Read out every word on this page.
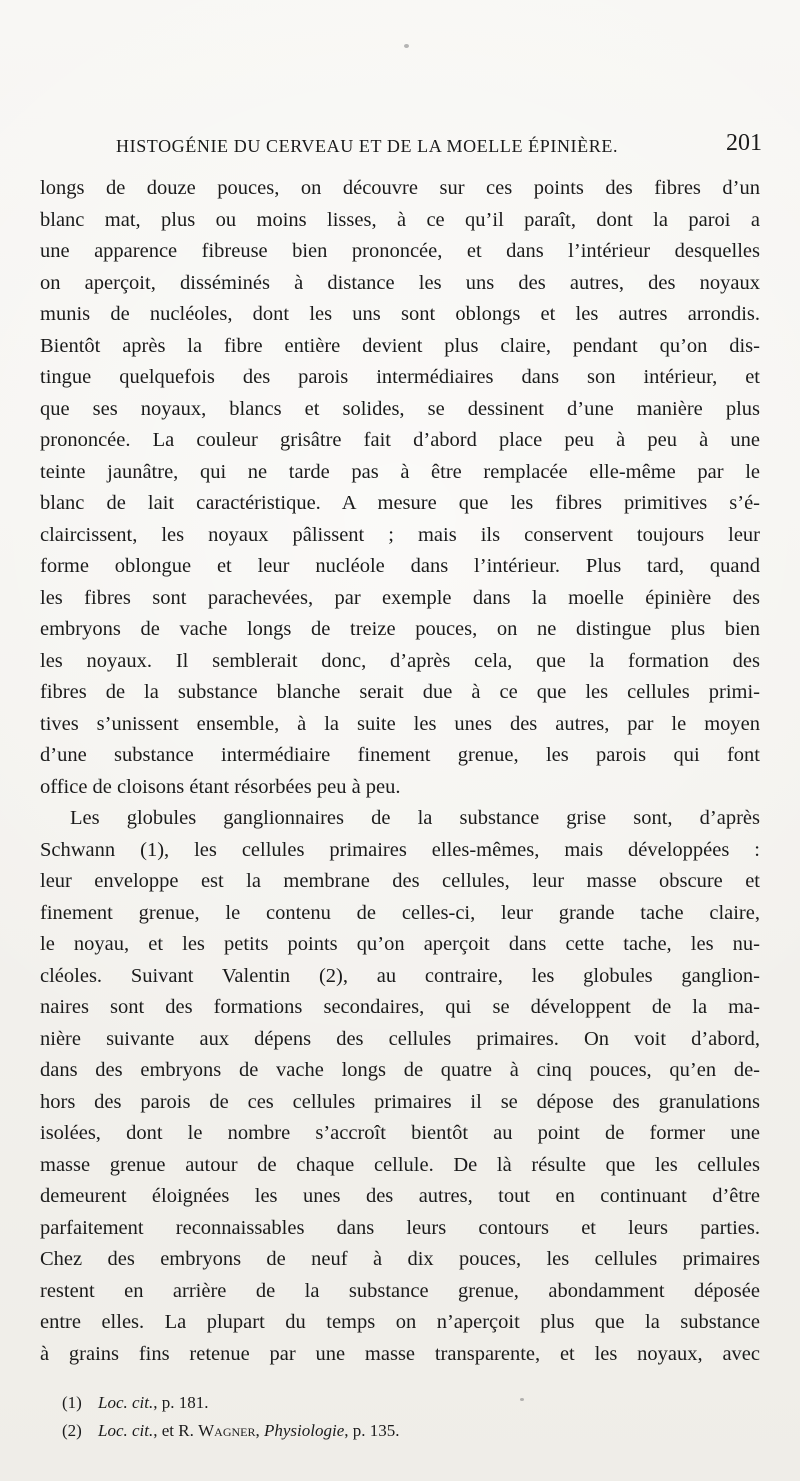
HISTOGÉNIE DU CERVEAU ET DE LA MOELLE ÉPINIÈRE.	201
longs de douze pouces, on découvre sur ces points des fibres d’un
blanc mat, plus ou moins lisses, à ce qu’il paraît, dont la paroi a
une apparence fibreuse bien prononcée, et dans l’intérieur desquelles
on aperçoit, disséminés à distance les uns des autres, des noyaux
munis de nucléoles, dont les uns sont oblongs et les autres arrondis.
Bientôt après la fibre entière devient plus claire, pendant qu’on dis-
tingue quelquefois des parois intermédiaires dans son intérieur, et
que ses noyaux, blancs et solides, se dessinent d’une manière plus
prononcée. La couleur grisâtre fait d’abord place peu à peu à une
teinte jaunâtre, qui ne tarde pas à être remplacée elle-même par le
blanc de lait caractéristique. A mesure que les fibres primitives s’é-
claircissent, les noyaux pâlissent ; mais ils conservent toujours leur
forme oblongue et leur nucléole dans l’intérieur. Plus tard, quand
les fibres sont parachevées, par exemple dans la moelle épinière des
embryons de vache longs de treize pouces, on ne distingue plus bien
les noyaux. Il semblerait donc, d’après cela, que la formation des
fibres de la substance blanche serait due à ce que les cellules primi-
tives s’unissent ensemble, à la suite les unes des autres, par le moyen
d’une substance intermédiaire finement grenue, les parois qui font
office de cloisons étant résorbées peu à peu.
Les globules ganglionnaires de la substance grise sont, d’après
Schwann (1), les cellules primaires elles-mêmes, mais développées :
leur enveloppe est la membrane des cellules, leur masse obscure et
finement grenue, le contenu de celles-ci, leur grande tache claire,
le noyau, et les petits points qu’on aperçoit dans cette tache, les nu-
cléoles. Suivant Valentin (2), au contraire, les globules ganglion-
naires sont des formations secondaires, qui se développent de la ma-
nière suivante aux dépens des cellules primaires. On voit d’abord,
dans des embryons de vache longs de quatre à cinq pouces, qu’en de-
hors des parois de ces cellules primaires il se dépose des granulations
isolées, dont le nombre s’accroît bientôt au point de former une
masse grenue autour de chaque cellule. De là résulte que les cellules
demeurent éloignées les unes des autres, tout en continuant d’être
parfaitement reconnaissables dans leurs contours et leurs parties.
Chez des embryons de neuf à dix pouces, les cellules primaires
restent en arrière de la substance grenue, abondamment déposée
entre elles. La plupart du temps on n’aperçoit plus que la substance
à grains fins retenue par une masse transparente, et les noyaux, avec
(1) Loc. cit., p. 181.
(2) Loc. cit., et R. Wagner, Physiologie, p. 135.
